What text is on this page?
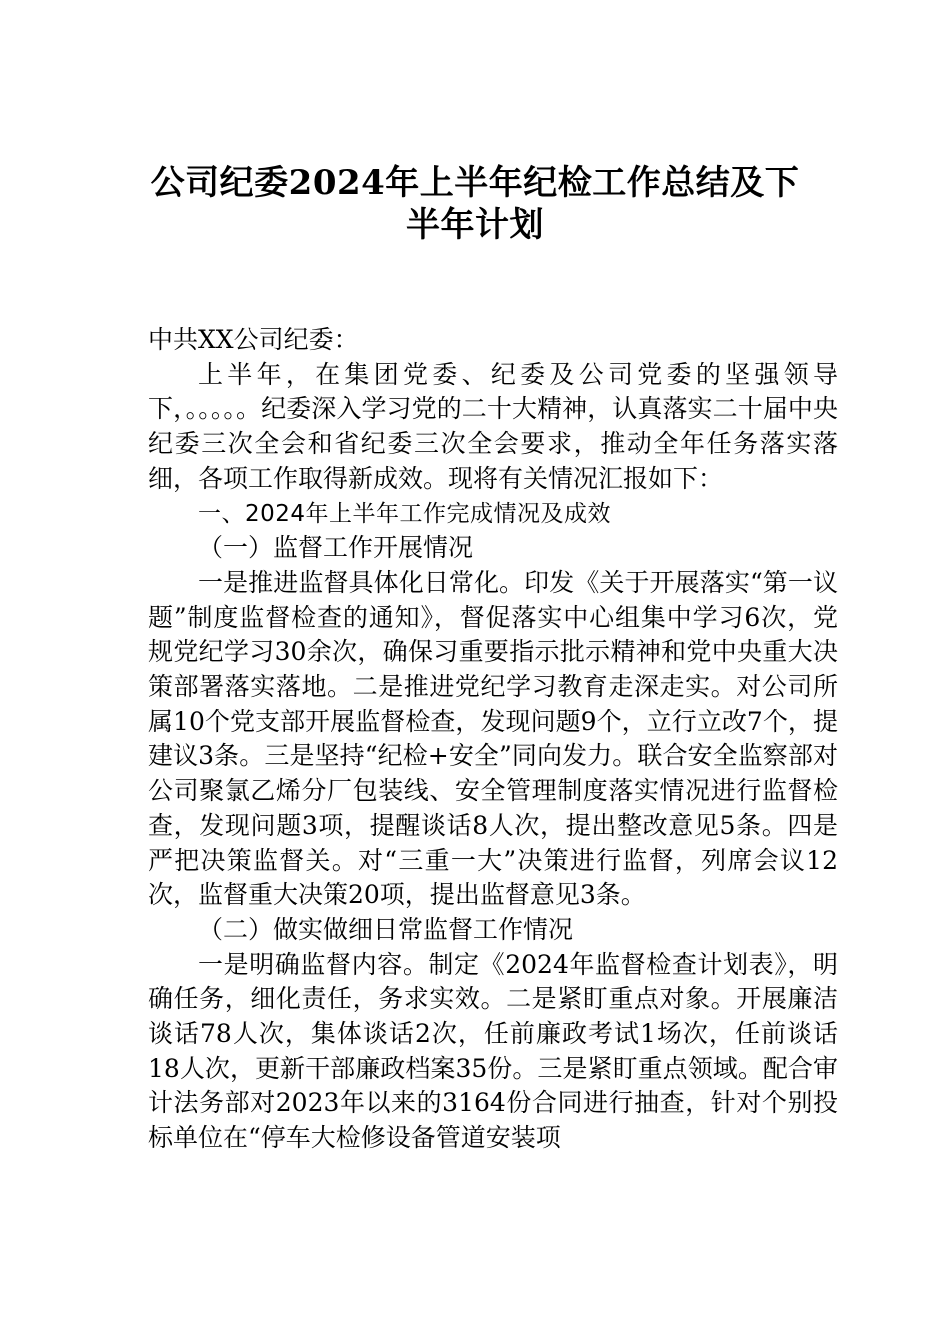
公司纪委2024年上半年纪检工作总结及下
半年计划

中共XX公司纪委：

上半年，在集团党委、纪委及公司党委的坚强领导下，。。。。。纪委深入学习党的二十大精神，认真落实二十届中央纪委三次全会和省纪委三次全会要求，推动全年任务落实落细，各项工作取得新成效。现将有关情况汇报如下：

一、2024年上半年工作完成情况及成效

（一）监督工作开展情况

一是推进监督具体化日常化。印发《关于开展落实“第一议题”制度监督检查的通知》，督促落实中心组集中学习6次，党规党纪学习30余次，确保习重要指示批示精神和党中央重大决策部署落实落地。二是推进党纪学习教育走深走实。对公司所属10个党支部开展监督检查，发现问题9个，立行立改7个，提建议3条。三是坚持“纪检+安全”同向发力。联合安全监察部对公司聚氯乙烯分厂包装线、安全管理制度落实情况进行监督检查，发现问题3项，提醒谈话8人次，提出整改意见5条。四是严把决策监督关。对“三重一大”决策进行监督，列席会议12次，监督重大决策20项，提出监督意见3条。

（二）做实做细日常监督工作情况

一是明确监督内容。制定《2024年监督检查计划表》，明确任务，细化责任，务求实效。二是紧盯重点对象。开展廉洁谈话78人次，集体谈话2次，任前廉政考试1场次，任前谈话18人次，更新干部廉政档案35份。三是紧盯重点领域。配合审计法务部对2023年以来的3164份合同进行抽查，针对个别投标单位在“停车大检修设备管道安装项
